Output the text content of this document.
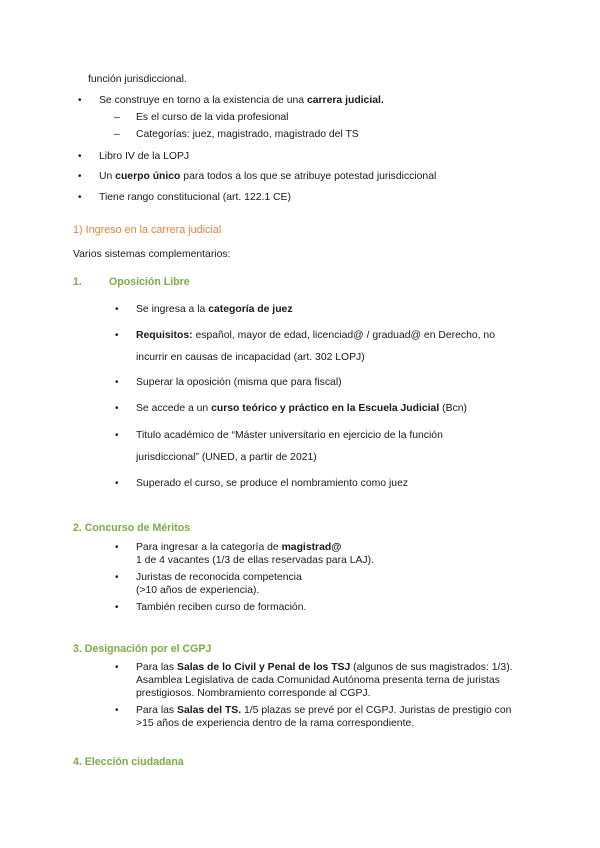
función jurisdiccional.
• Se construye en torno a la existencia de una carrera judicial.
– Es el curso de la vida profesional
– Categorías: juez, magistrado, magistrado del TS
• Libro IV de la LOPJ
• Un cuerpo único para todos a los que se atribuye potestad jurisdiccional
• Tiene rango constitucional (art. 122.1 CE)
1) Ingreso en la carrera judicial
Varios sistemas complementarios:
1.	Oposición Libre
• Se ingresa a la categoría de juez
• Requisitos: español, mayor de edad, licenciad@ / graduad@ en Derecho, no
incurrir en causas de incapacidad (art. 302 LOPJ)
• Superar la oposición (misma que para fiscal)
• Se accede a un curso teórico y práctico en la Escuela Judicial (Bcn)
• Titulo académico de “Máster universitario en ejercicio de la función
jurisdiccional” (UNED, a partir de 2021)
• Superado el curso, se produce el nombramiento como juez
2. Concurso de Méritos
• Para ingresar a la categoría de magistrad@
1 de 4 vacantes (1/3 de ellas reservadas para LAJ).
• Juristas de reconocida competencia
(>10 años de experiencia).
• También reciben curso de formación.
3. Designación por el CGPJ
• Para las Salas de lo Civil y Penal de los TSJ (algunos de sus magistrados: 1/3).
Asamblea Legislativa de cada Comunidad Autónoma presenta terna de juristas
prestigiosos. Nombramiento corresponde al CGPJ.
• Para las Salas del TS. 1/5 plazas se prevé por el CGPJ. Juristas de prestigio con
>15 años de experiencia dentro de la rama correspondiente.
4. Elección ciudadana
